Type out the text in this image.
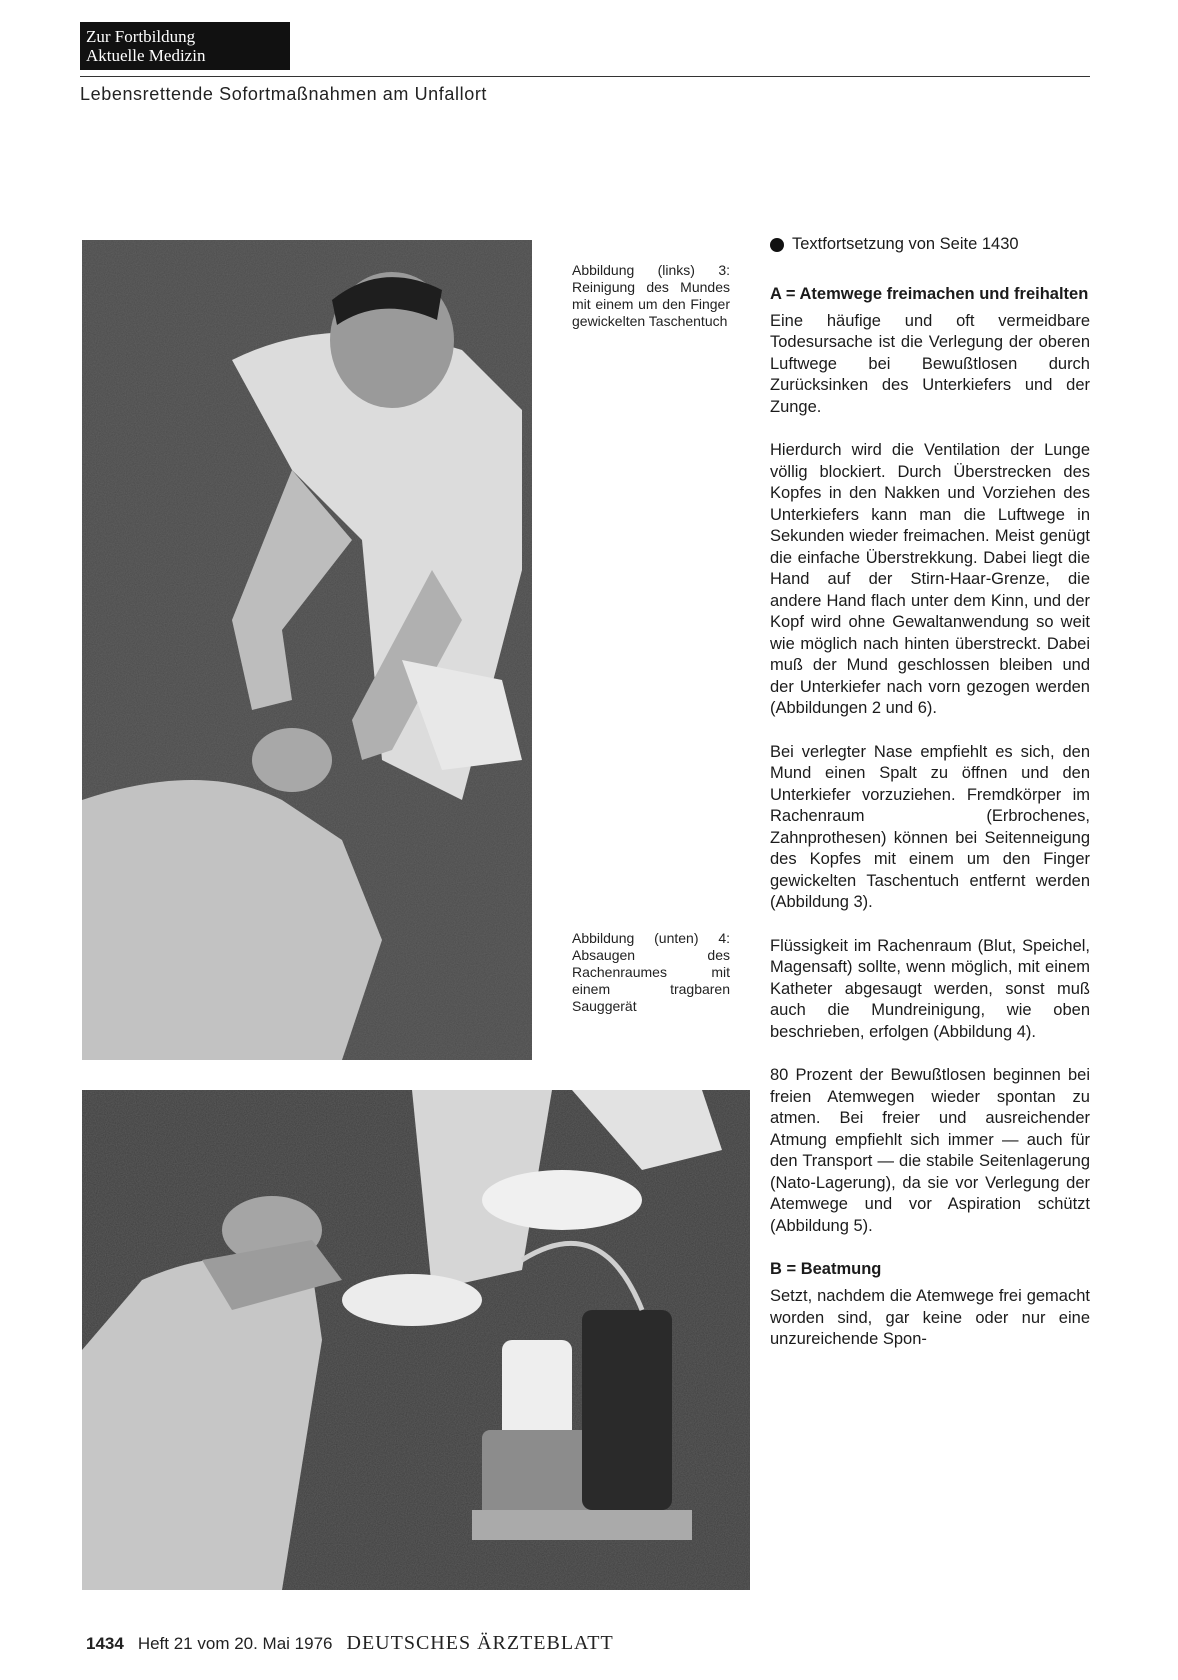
Zur Fortbildung
Aktuelle Medizin
Lebensrettende Sofortmaßnahmen am Unfallort
Abbildung (links) 3: Reinigung des Mundes mit einem um den Finger gewickelten Taschentuch
Abbildung (unten) 4: Absaugen des Rachenraumes mit einem tragbaren Sauggerät
Textfortsetzung von Seite 1430
A = Atemwege freimachen und freihalten

Eine häufige und oft vermeidbare Todesursache ist die Verlegung der oberen Luftwege bei Bewußtlosen durch Zurücksinken des Unterkiefers und der Zunge.

Hierdurch wird die Ventilation der Lunge völlig blockiert. Durch Überstrecken des Kopfes in den Nakken und Vorziehen des Unterkiefers kann man die Luftwege in Sekunden wieder freimachen. Meist genügt die einfache Überstrekkung. Dabei liegt die Hand auf der Stirn-Haar-Grenze, die andere Hand flach unter dem Kinn, und der Kopf wird ohne Gewaltanwendung so weit wie möglich nach hinten überstreckt. Dabei muß der Mund geschlossen bleiben und der Unterkiefer nach vorn gezogen werden (Abbildungen 2 und 6).

Bei verlegter Nase empfiehlt es sich, den Mund einen Spalt zu öffnen und den Unterkiefer vorzuziehen. Fremdkörper im Rachenraum (Erbrochenes, Zahnprothesen) können bei Seitenneigung des Kopfes mit einem um den Finger gewickelten Taschentuch entfernt werden (Abbildung 3).

Flüssigkeit im Rachenraum (Blut, Speichel, Magensaft) sollte, wenn möglich, mit einem Katheter abgesaugt werden, sonst muß auch die Mundreinigung, wie oben beschrieben, erfolgen (Abbildung 4).

80 Prozent der Bewußtlosen beginnen bei freien Atemwegen wieder spontan zu atmen. Bei freier und ausreichender Atmung empfiehlt sich immer — auch für den Transport — die stabile Seitenlagerung (Nato-Lagerung), da sie vor Verlegung der Atemwege und vor Aspiration schützt (Abbildung 5).

B = Beatmung

Setzt, nachdem die Atemwege frei gemacht worden sind, gar keine oder nur eine unzureichende Spon-

1434 Heft 21 vom 20. Mai 1976 DEUTSCHES ÄRZTEBLATT
